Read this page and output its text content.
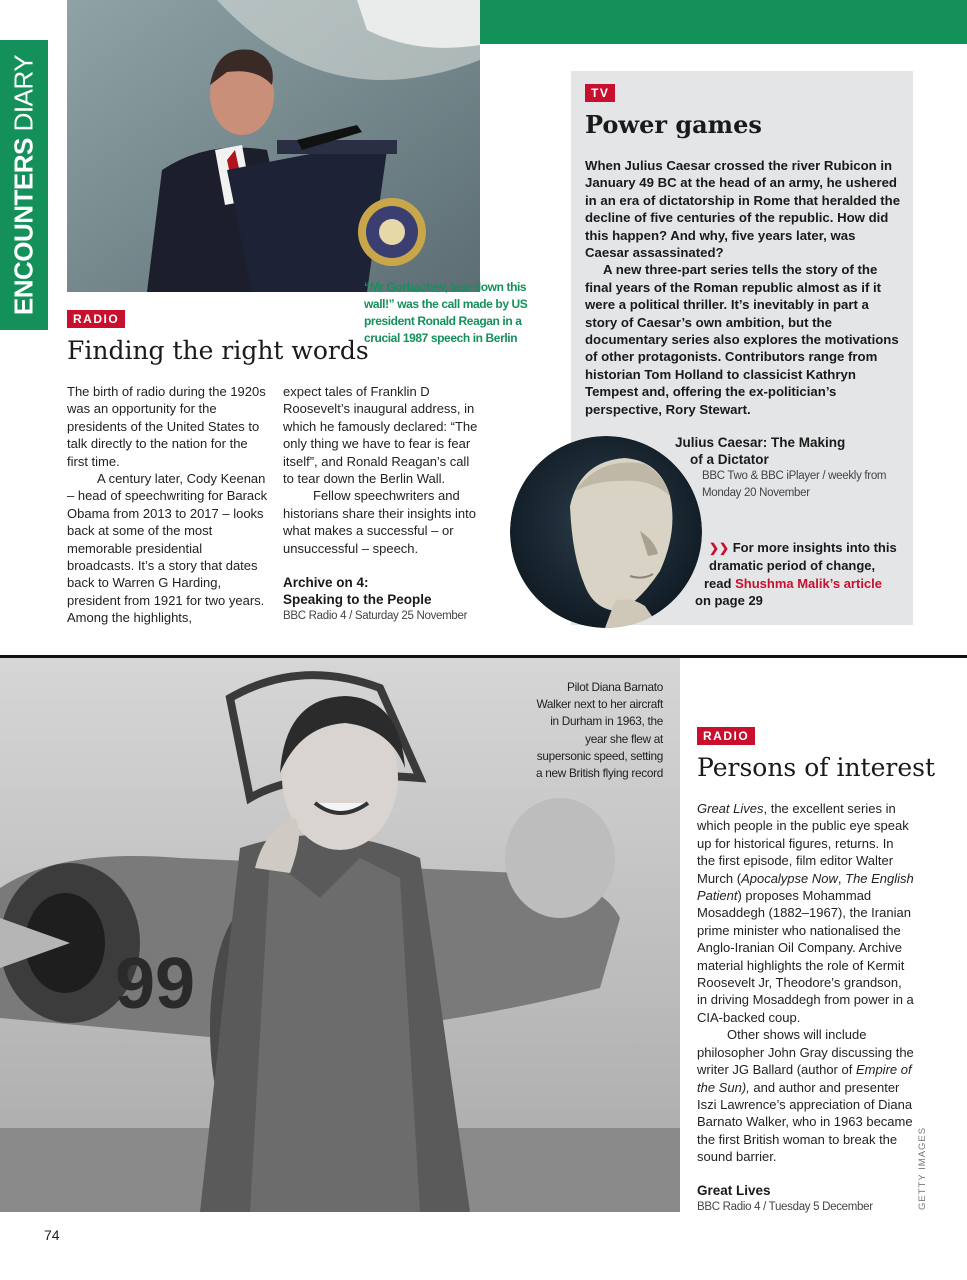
ENCOUNTERS DIARY
“Mr Gorbachev, tear down this wall!” was the call made by US president Ronald Reagan in a crucial 1987 speech in Berlin
RADIO
Finding the right words

The birth of radio during the 1920s was an opportunity for the presidents of the United States to talk directly to the nation for the first time.

A century later, Cody Keenan – head of speechwriting for Barack Obama from 2013 to 2017 – looks back at some of the most memorable presidential broadcasts. It’s a story that dates back to Warren G Harding, president from 1921 for two years. Among the highlights,

expect tales of Franklin D Roosevelt’s inaugural address, in which he famously declared: “The only thing we have to fear is fear itself”, and Ronald Reagan’s call to tear down the Berlin Wall.

Fellow speechwriters and historians share their insights into what makes a successful – or unsuccessful – speech.

Archive on 4:
Speaking to the People
BBC Radio 4 / Saturday 25 November
TV
Power games

When Julius Caesar crossed the river Rubicon in January 49 BC at the head of an army, he ushered in an era of dictatorship in Rome that heralded the decline of five centuries of the republic. How did this happen? And why, five years later, was Caesar assassinated?

A new three-part series tells the story of the final years of the Roman republic almost as if it were a political thriller. It’s inevitably in part a story of Caesar’s own ambition, but the documentary series also explores the motivations of other protagonists. Contributors range from historian Tom Holland to classicist Kathryn Tempest and, offering the ex-politician’s perspective, Rory Stewart.

Julius Caesar: The Making
of a Dictator
BBC Two & BBC iPlayer / weekly from
Monday 20 November
❯❯ For more insights into this
dramatic period of change,
read Shushma Malik’s article
on page 29
99
Pilot Diana Barnato Walker next to her aircraft in Durham in 1963, the year she flew at supersonic speed, setting a new British flying record
RADIO
Persons of interest

Great Lives, the excellent series in which people in the public eye speak up for historical figures, returns. In the first episode, film editor Walter Murch (Apocalypse Now, The English Patient) proposes Mohammad Mosaddegh (1882–1967), the Iranian prime minister who nationalised the Anglo-Iranian Oil Company. Archive material highlights the role of Kermit Roosevelt Jr, Theodore’s grandson, in driving Mosaddegh from power in a CIA-backed coup.

Other shows will include philosopher John Gray discussing the writer JG Ballard (author of Empire of the Sun), and author and presenter Iszi Lawrence’s appreciation of Diana Barnato Walker, who in 1963 became the first British woman to break the sound barrier.

Great Lives
BBC Radio 4 / Tuesday 5 December	GETTY IMAGES
74
